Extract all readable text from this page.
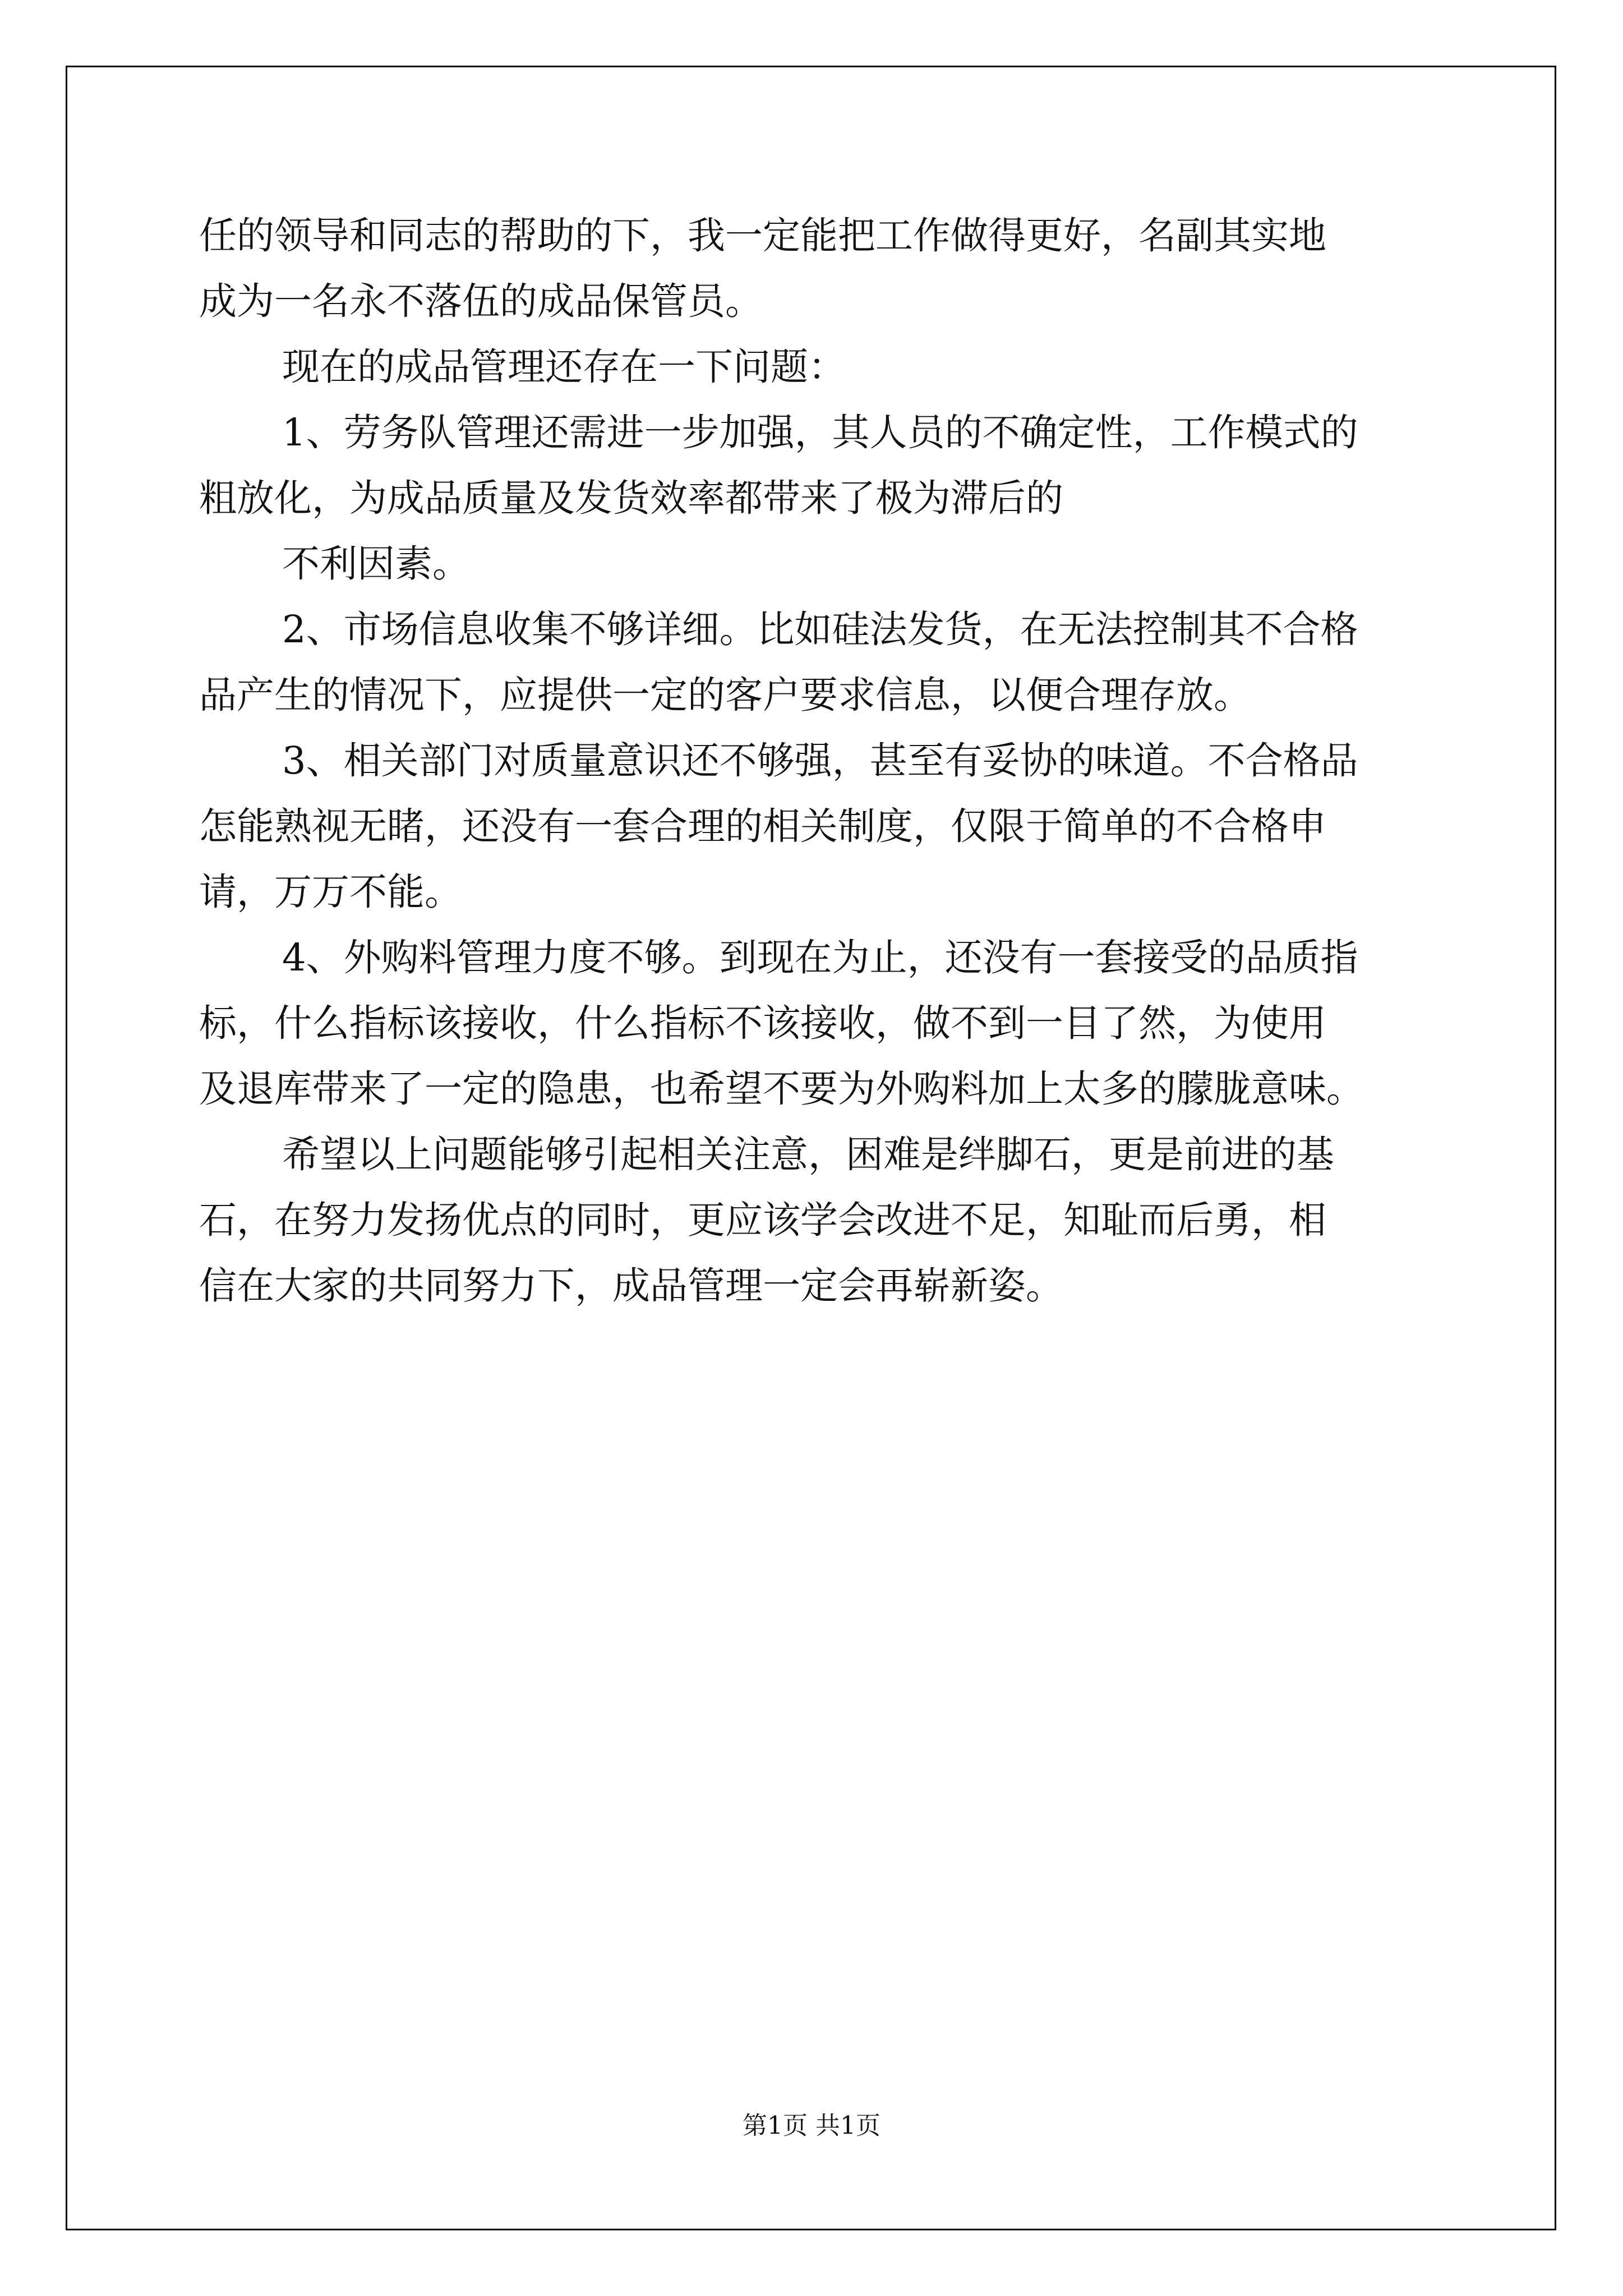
任的领导和同志的帮助的下，我一定能把工作做得更好，名副其实地

成为一名永不落伍的成品保管员。

现在的成品管理还存在一下问题：

1、劳务队管理还需进一步加强，其人员的不确定性，工作模式的

粗放化，为成品质量及发货效率都带来了极为滞后的

不利因素。

2、市场信息收集不够详细。比如硅法发货，在无法控制其不合格

品产生的情况下，应提供一定的客户要求信息，以便合理存放。

3、相关部门对质量意识还不够强，甚至有妥协的味道。不合格品

怎能熟视无睹，还没有一套合理的相关制度，仅限于简单的不合格申

请，万万不能。

4、外购料管理力度不够。到现在为止，还没有一套接受的品质指

标，什么指标该接收，什么指标不该接收，做不到一目了然，为使用

及退库带来了一定的隐患，也希望不要为外购料加上太多的朦胧意味。

希望以上问题能够引起相关注意，困难是绊脚石，更是前进的基

石，在努力发扬优点的同时，更应该学会改进不足，知耻而后勇，相

信在大家的共同努力下，成品管理一定会再崭新姿。

第1页 共1页
